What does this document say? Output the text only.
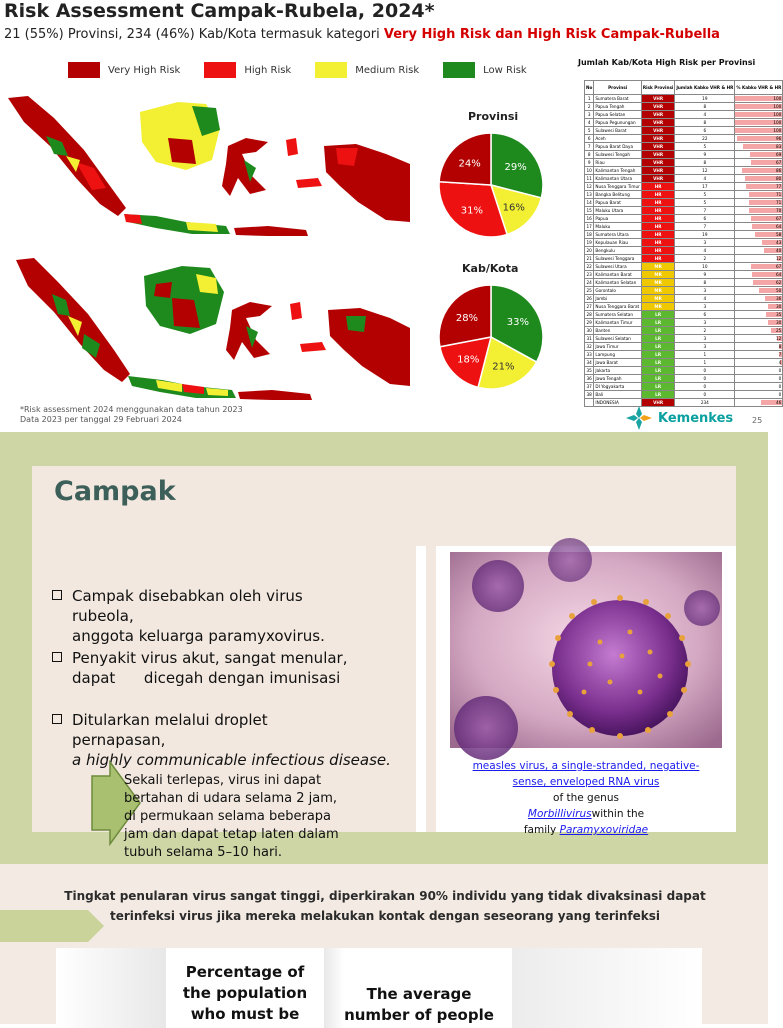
Risk Assessment Campak-Rubela, 2024*
21 (55%) Provinsi, 234 (46%) Kab/Kota termasuk kategori Very High Risk dan High Risk Campak-Rubella
Very High Risk	High Risk	Medium Risk	Low Risk
Provinsi
29%
16%
31%
24%
Kab/Kota
33%
21%
18%
28%
Jumlah Kab/Kota High Risk per Provinsi
No	Provinsi	Risk Provinsi	Jumlah Kabko VHR & HR	% Kabko VHR & HR
1	Sumatera Barat	VHR	19	100
2	Papua Tengah	VHR	8	100
3	Papua Selatan	VHR	4	100
4	Papua Pegunungan	VHR	8	100
5	Sulawesi Barat	VHR	6	100
6	Aceh	VHR	22	96
7	Papua Barat Daya	VHR	5	83
8	Sulawesi Tengah	VHR	9	69
9	Riau	VHR	8	67
10	Kalimantan Tengah	VHR	12	86
11	Kalimantan Utara	VHR	4	80
12	Nusa Tenggara Timur	HR	17	77
13	Bangka Belitung	HR	5	71
14	Papua Barat	HR	5	71
15	Maluku Utara	HR	7	70
16	Papua	HR	6	67
17	Maluku	HR	7	64
18	Sumatera Utara	HR	19	58
19	Kepulauan Riau	HR	3	43
20	Bengkulu	HR	4	40
21	Sulawesi Tenggara	HR	2	12
22	Sulawesi Utara	MR	10	67
23	Kalimantan Barat	MR	9	64
24	Kalimantan Selatan	MR	8	62
25	Gorontalo	MR	3	50
26	Jambi	MR	4	36
27	Nusa Tenggara Barat	MR	3	30
28	Sumatera Selatan	LR	6	35
29	Kalimantan Timur	LR	3	30
30	Banten	LR	2	25
31	Sulawesi Selatan	LR	3	12
32	Jawa Timur	LR	3	8
33	Lampung	LR	1	7
34	Jawa Barat	LR	1	4
35	Jakarta	LR	0	0
36	Jawa Tengah	LR	0	0
37	DI Yogyakarta	LR	0	0
38	Bali	LR	0	0
	INDONESIA	VHR	234	46
*Risk assessment 2024 menggunakan data tahun 2023
Data 2023 per tanggal 29 Februari 2024	Kemenkes 25
Campak
Campak disebabkan oleh virus
rubeola,
anggota keluarga paramyxovirus.
Penyakit virus akut, sangat menular,
dapat      dicegah dengan imunisasi
Ditularkan melalui droplet
pernapasan,
a highly communicable infectious disease.
Sekali terlepas, virus ini dapat
bertahan di udara selama 2 jam,
di permukaan selama beberapa
jam dan dapat tetap laten dalam
tubuh selama 5–10 hari.
measles virus, a single-stranded, negative-
sense, enveloped RNA virus
of the genus
Morbilliviruswithin the
family Paramyxoviridae
Tingkat penularan virus sangat tinggi, diperkirakan 90% individu yang tidak divaksinasi dapat
terinfeksi virus jika mereka melakukan kontak dengan seseorang yang terinfeksi
Percentage of
the population
who must be
The average
number of people
